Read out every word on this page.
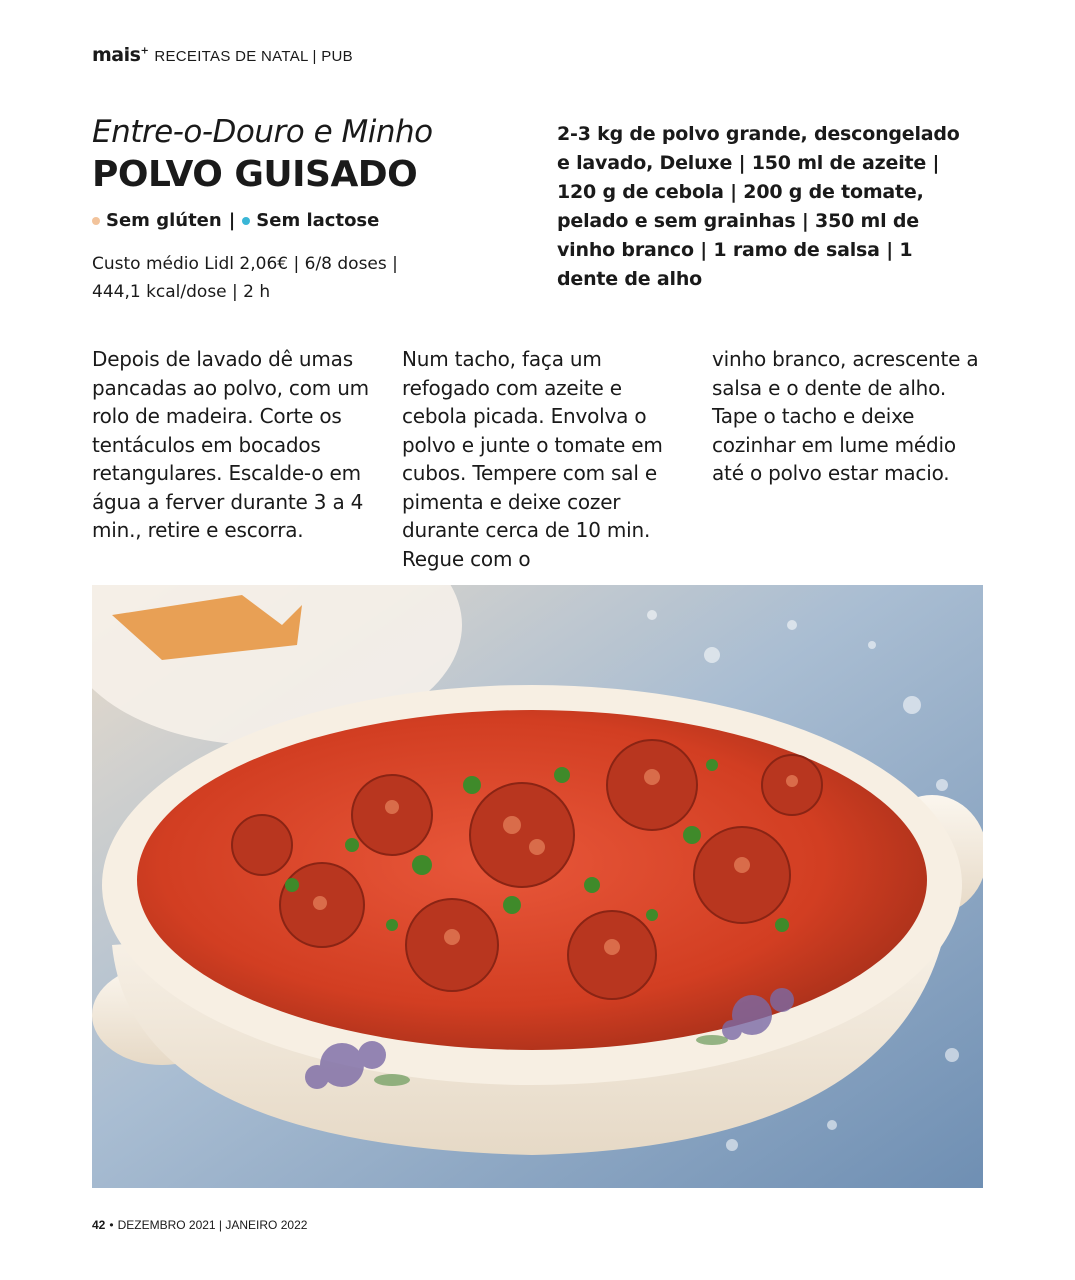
mais+ RECEITAS DE NATAL | PUB
Entre-o-Douro e Minho
POLVO GUISADO
Sem glúten | Sem lactose
Custo médio Lidl 2,06€ | 6/8 doses | 444,1 kcal/dose | 2 h
2-3 kg de polvo grande, descongelado e lavado, Deluxe | 150 ml de azeite | 120 g de cebola | 200 g de tomate, pelado e sem grainhas | 350 ml de vinho branco | 1 ramo de salsa | 1 dente de alho
Depois de lavado dê umas pancadas ao polvo, com um rolo de madeira. Corte os tentáculos em bocados retangulares. Escalde-o em água a ferver durante 3 a 4 min., retire e escorra.
Num tacho, faça um refogado com azeite e cebola picada. Envolva o polvo e junte o tomate em cubos. Tempere com sal e pimenta e deixe cozer durante cerca de 10 min. Regue com o
vinho branco, acrescente a salsa e o dente de alho. Tape o tacho e deixe cozinhar em lume médio até o polvo estar macio.
42 • DEZEMBRO 2021 | JANEIRO 2022
